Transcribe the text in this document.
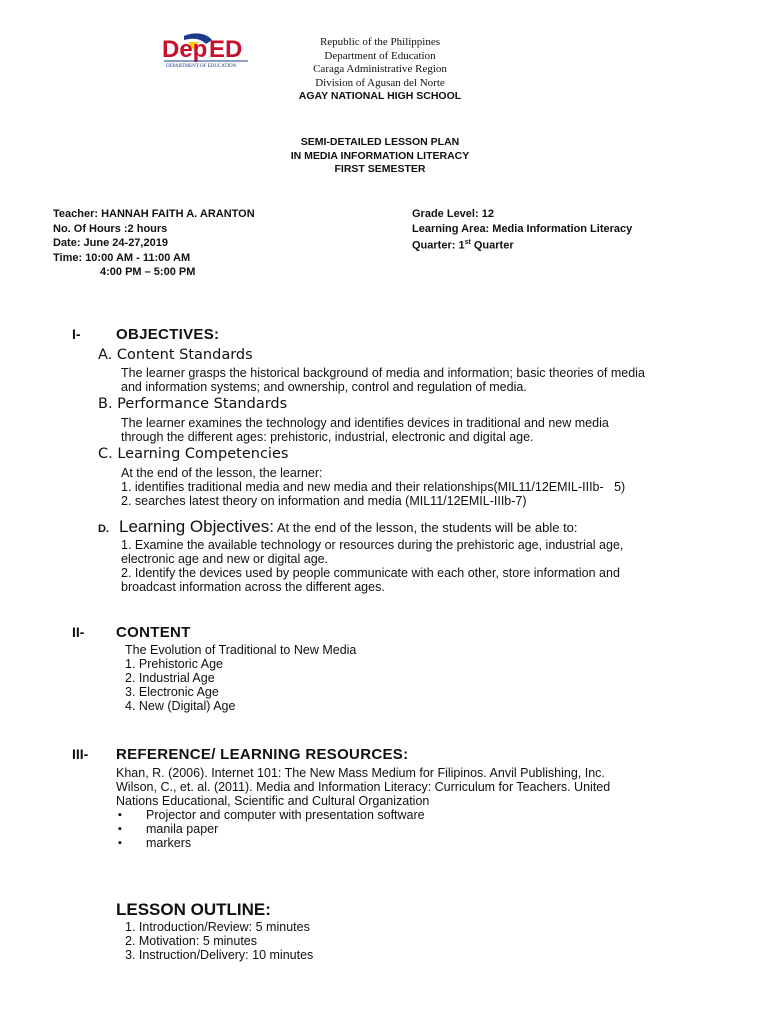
Dep ED
DEPARTMENT OF EDUCATION
Republic of the Philippines
Department of Education
Caraga Administrative Region
Division of Agusan del Norte
AGAY NATIONAL HIGH SCHOOL
SEMI-DETAILED LESSON PLAN
IN MEDIA INFORMATION LITERACY
FIRST SEMESTER
Teacher: HANNAH FAITH A. ARANTON
No. Of Hours :2 hours
Date: June 24-27,2019
Time: 10:00 AM - 11:00 AM
4:00 PM – 5:00 PM
Grade Level: 12
Learning Area: Media Information Literacy
Quarter: 1st Quarter
I- OBJECTIVES:
A. Content Standards
The learner grasps the historical background of media and information; basic theories of media
and information systems; and ownership, control and regulation of media.
B. Performance Standards
The learner examines the technology and identifies devices in traditional and new media
through the different ages: prehistoric, industrial, electronic and digital age.
C. Learning Competencies
At the end of the lesson, the learner:
1. identifies traditional media and new media and their relationships(MIL11/12EMIL-IIIb-   5)
2. searches latest theory on information and media (MIL11/12EMIL-IIIb-7)
D. Learning Objectives: At the end of the lesson, the students will be able to:
1. Examine the available technology or resources during the prehistoric age, industrial age,
electronic age and new or digital age.
2. Identify the devices used by people communicate with each other, store information and
broadcast information across the different ages.
II- CONTENT
The Evolution of Traditional to New Media
1. Prehistoric Age
2. Industrial Age
3. Electronic Age
4. New (Digital) Age
III- REFERENCE/ LEARNING RESOURCES:
Khan, R. (2006). Internet 101: The New Mass Medium for Filipinos. Anvil Publishing, Inc.
Wilson, C., et. al. (2011). Media and Information Literacy: Curriculum for Teachers. United
Nations Educational, Scientific and Cultural Organization
▪ Projector and computer with presentation software
▪ manila paper
▪ markers
LESSON OUTLINE:
1. Introduction/Review: 5 minutes
2. Motivation: 5 minutes
3. Instruction/Delivery: 10 minutes
